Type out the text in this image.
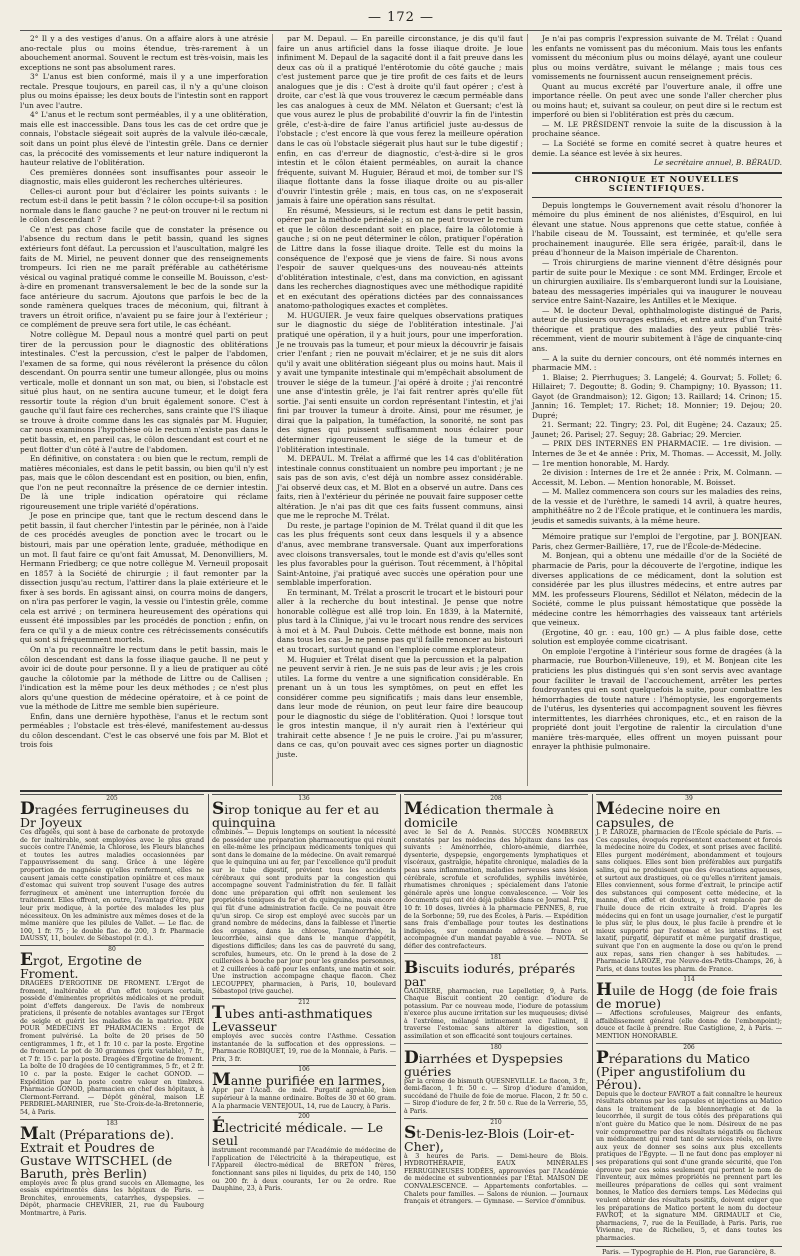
— 172 —

2° Il y a des vestiges d'anus. On a affaire alors à une atrésie ano-rectale plus ou moins étendue, très-rarement à un abouchement anormal. Souvent le rectum est très-voisin, mais les exceptions ne sont pas absolument rares.

3° L'anus est bien conformé, mais il y a une imperforation rectale. Presque toujours, en pareil cas, il n'y a qu'une cloison plus ou moins épaisse; les deux bouts de l'intestin sont en rapport l'un avec l'autre.

4° L'anus et le rectum sont perméables, il y a une oblitération, mais elle est inaccessible. Dans tous les cas de cet ordre que je connais, l'obstacle siégeait soit auprès de la valvule iléo-cæcale, soit dans un point plus élevé de l'intestin grêle. Dans ce dernier cas, la précocité des vomissements et leur nature indiqueront la hauteur relative de l'oblitération.

Ces premières données sont insuffisantes pour asseoir le diagnostic, mais elles guideront les recherches ultérieures.

Celles-ci auront pour but d'éclairer les points suivants : le rectum est-il dans le petit bassin ? le côlon occupe-t-il sa position normale dans le flanc gauche ? ne peut-on trouver ni le rectum ni le côlon descendant ?

Ce n'est pas chose facile que de constater la présence ou l'absence du rectum dans le petit bassin, quand les signes extérieurs font défaut. La percussion et l'auscultation, malgré les faits de M. Miriel, ne peuvent donner que des renseignements trompeurs. Ici rien ne me paraît préférable au cathétérisme vésical ou vaginal pratiqué comme le conseille M. Bouisson, c'est-à-dire en promenant transversalement le bec de la sonde sur la face antérieure du sacrum. Ajoutons que parfois le bec de la sonde ramènera quelques traces de méconium, qui, filtrant à travers un étroit orifice, n'avaient pu se faire jour à l'extérieur ; ce complément de preuve sera fort utile, le cas échéant.

Notre collègue M. Depaul nous a montré quel parti on peut tirer de la percussion pour le diagnostic des oblitérations intestinales. C'est la percussion, c'est le palper de l'abdomen, l'examen de sa forme, qui nous révéleront la présence du côlon descendant. On pourra sentir une tumeur allongée, plus ou moins verticale, molle et donnant un son mat, ou bien, si l'obstacle est situé plus haut, on ne sentira aucune tumeur, et le doigt fera ressortir toute la région d'un bruit également sonore. C'est à gauche qu'il faut faire ces recherches, sans crainte que l'S iliaque se trouve à droite comme dans les cas signalés par M. Huguier, car nous examinons l'hypothèse où le rectum n'existe pas dans le petit bassin, et, en pareil cas, le côlon descendant est court et ne peut flotter d'un côté à l'autre de l'abdomen.

En définitive, on constatera : ou bien que le rectum, rempli de matières méconiales, est dans le petit bassin, ou bien qu'il n'y est pas, mais que le côlon descendant est en position, ou bien, enfin, que l'on ne peut reconnaître la présence de ce dernier intestin. De là une triple indication opératoire qui réclame rigoureusement une triple variété d'opérations.

Je pose en principe que, tant que le rectum descend dans le petit bassin, il faut chercher l'intestin par le périnée, non à l'aide de ces procédés aveugles de ponction avec le trocart ou le bistouri, mais par une opération lente, graduée, méthodique en un mot. Il faut faire ce qu'ont fait Amussat, M. Denonvilliers, M. Hermann Friedberg; ce que notre collègue M. Verneuil proposait en 1857 à la Société de chirurgie ; il faut remonter par la dissection jusqu'au rectum, l'attirer dans la plaie extérieure et le fixer à ses bords. En agissant ainsi, on courra moins de dangers, on n'ira pas perforer le vagin, la vessie ou l'intestin grêle, comme cela est arrivé ; on terminera heureusement des opérations qui eussent été impossibles par les procédés de ponction ; enfin, on fera ce qu'il y a de mieux contre ces rétrécissements consécutifs qui sont si fréquemment mortels.

On n'a pu reconnaître le rectum dans le petit bassin, mais le côlon descendant est dans la fosse iliaque gauche. Il ne peut y avoir ici de doute pour personne. Il y a lieu de pratiquer au côté gauche la côlotomie par la méthode de Littre ou de Callisen ; l'indication est la même pour les deux méthodes ; ce n'est plus alors qu'une question de médecine opératoire, et à ce point de vue la méthode de Littre me semble bien supérieure.

Enfin, dans une dernière hypothèse, l'anus et le rectum sont perméables ; l'obstacle est très-élevé, manifestement au-dessus du côlon descendant. C'est le cas observé une fois par M. Blot et trois fois

par M. Depaul. — En pareille circonstance, je dis qu'il faut faire un anus artificiel dans la fosse iliaque droite. Je loue infiniment M. Depaul de la sagacité dont il a fait preuve dans les deux cas où il a pratiqué l'entérotomie du côté gauche ; mais c'est justement parce que je tire profit de ces faits et de leurs analogues que je dis : C'est à droite qu'il faut opérer ; c'est à droite, car c'est là que vous trouverez le cæcum perméable dans les cas analogues à ceux de MM. Nélaton et Guersant; c'est là que vous aurez le plus de probabilité d'ouvrir la fin de l'intestin grêle, c'est-à-dire de faire l'anus artificiel juste au-dessus de l'obstacle ; c'est encore là que vous ferez la meilleure opération dans le cas où l'obstacle siégerait plus haut sur le tube digestif ; enfin, en cas d'erreur de diagnostic, c'est-à-dire si le gros intestin et le côlon étaient perméables, on aurait la chance fréquente, suivant M. Huguier, Béraud et moi, de tomber sur l'S iliaque flottante dans la fosse iliaque droite ou au pis-aller d'ouvrir l'intestin grêle ; mais, en tous cas, on ne s'exposerait jamais à faire une opération sans résultat.

En résumé, Messieurs, si le rectum est dans le petit bassin, opérer par la méthode périnéale ; si on ne peut trouver le rectum et que le côlon descendant soit en place, faire la côlotomie à gauche ; si on ne peut déterminer le côlon, pratiquer l'opération de Littre dans la fosse iliaque droite. Telle est du moins la conséquence de l'exposé que je viens de faire. Si nous avons l'espoir de sauver quelques-uns des nouveau-nés atteints d'oblitération intestinale, c'est, dans ma conviction, en agissant dans les recherches diagnostiques avec une méthodique rapidité et en exécutant des opérations dictées par des connaissances anatomo-pathologiques exactes et complètes.

M. HUGUIER. Je veux faire quelques observations pratiques sur le diagnostic du siége de l'oblitération intestinale. J'ai pratiqué une opération, il y a huit jours, pour une imperforation. Je ne trouvais pas la tumeur, et pour mieux la découvrir je faisais crier l'enfant ; rien ne pouvait m'éclairer, et je ne suis dit alors qu'il y avait une oblitération siégeant plus ou moins haut. Mais il y avait une tympanite intestinale qui m'empêchait absolument de trouver le siége de la tumeur. J'ai opéré à droite ; j'ai rencontré une anse d'intestin grêle, je l'ai fait rentrer après qu'elle fût sortie. J'ai senti ensuite un cordon représentant l'intestin, et j'ai fini par trouver la tumeur à droite. Ainsi, pour me résumer, je dirai que la palpation, la tuméfaction, la sonorité, ne sont pas des signes qui puissent suffisamment nous éclairer pour déterminer rigoureusement le siége de la tumeur et de l'oblitération intestinale.

M. DEPAUL. M. Trélat a affirmé que les 14 cas d'oblitération intestinale connus constituaient un nombre peu important ; je ne sais pas de son avis, c'est déjà un nombre assez considérable. J'ai observé deux cas, et M. Blot en a observé un autre. Dans ces faits, rien à l'extérieur du périnée ne pouvait faire supposer cette altération. Je n'ai pas dit que ces faits fussent communs, ainsi que me le reproche M. Trélat.

Du reste, je partage l'opinion de M. Trélat quand il dit que les cas les plus fréquents sont ceux dans lesquels il y a absence d'anus, avec membrane transversale. Quant aux imperforations avec cloisons transversales, tout le monde est d'avis qu'elles sont les plus favorables pour la guérison. Tout récemment, à l'hôpital Saint-Antoine, j'ai pratiqué avec succès une opération pour une semblable imperforation.

En terminant, M. Trélat a proscrit le trocart et le bistouri pour aller à la recherche du bout intestinal. Je pense que notre honorable collègue est allé trop loin. En 1839, à la Maternité, plus tard à la Clinique, j'ai vu le trocart nous rendre des services à moi et à M. Paul Dubois. Cette méthode est bonne, mais non dans tous les cas. Je ne pense pas qu'il faille renoncer au bistouri et au trocart, surtout quand on l'emploie comme explorateur.

M. Huguier et Trélat disent que la percussion et la palpation ne peuvent servir à rien. Je ne suis pas de leur avis ; je les crois utiles. La forme du ventre a une signification considérable. En prenant un à un tous les symptômes, on peut en effet les considérer comme peu significatifs ; mais dans leur ensemble, dans leur mode de réunion, on peut leur faire dire beaucoup pour le diagnostic du siége de l'oblitération. Quoi ! lorsque tout le gros intestin manque, il n'y aurait rien à l'extérieur qui trahirait cette absence ! Je ne puis le croire. J'ai pu m'assurer, dans ce cas, qu'on pouvait avec ces signes porter un diagnostic juste.

Je n'ai pas compris l'expression suivante de M. Trélat : Quand les enfants ne vomissent pas du méconium. Mais tous les enfants vomissent du méconium plus ou moins délayé, ayant une couleur plus ou moins verdâtre, suivant le mélange ; mais tous ces vomissements ne fournissent aucun renseignement précis.

Quant au mucus excrété par l'ouverture anale, il offre une importance réelle. On peut avec une sonde l'aller chercher plus ou moins haut; et, suivant sa couleur, on peut dire si le rectum est imperforé ou bien si l'oblitération est près du cæcum.

— M. LE PRÉSIDENT renvoie la suite de la discussion à la prochaine séance.

— La Société se forme en comité secret à quatre heures et demie. La séance est levée à six heures.

Le secrétaire annuel, B. BÉRAUD.

CHRONIQUE ET NOUVELLES SCIENTIFIQUES.

Depuis longtemps le Gouvernement avait résolu d'honorer la mémoire du plus éminent de nos aliénistes, d'Esquirol, en lui élevant une statue. Nous apprenons que cette statue, confiée à l'habile ciseau de M. Toussaint, est terminée, et qu'elle sera prochainement inaugurée. Elle sera érigée, paraît-il, dans le préau d'honneur de la Maison impériale de Charenton.

— Trois chirurgiens de marine viennent d'être désignés pour partir de suite pour le Mexique : ce sont MM. Erdinger, Ercole et un chirurgien auxiliaire. Ils s'embarqueront lundi sur la Louisiane, bateau des messageries impériales qui va inaugurer le nouveau service entre Saint-Nazaire, les Antilles et le Mexique.

— M. le docteur Deval, ophthalmologiste distingué de Paris, auteur de plusieurs ouvrages estimés, et entre autres d'un Traité théorique et pratique des maladies des yeux publié très-récemment, vient de mourir subitement à l'âge de cinquante-cinq ans.

— A la suite du dernier concours, ont été nommés internes en pharmacie MM. :

1. Blaise; 2. Pierrhugues; 3. Langelé; 4. Gourvat; 5. Follet; 6. Hillairet; 7. Degoutte; 8. Godin; 9. Champigny; 10. Byasson; 11. Gayot (de Grandmaison); 12. Gigon; 13. Raillard; 14. Crinon; 15. Jannin; 16. Templet; 17. Richet; 18. Monnier; 19. Dejou; 20. Dupré;

21. Sermant; 22. Tingry; 23. Pol, dit Eugène; 24. Cazaux; 25. Jaunet; 26. Parisel; 27. Seguy; 28. Gabriac; 29. Mercier.

— PRIX DES INTERNES EN PHARMACIE. — 1re division. — Internes de 3e et 4e année : Prix, M. Thomas. — Accessit, M. Jolly. — 1re mention honorable, M. Hardy.

2e division : Internes de 1re et 2e année : Prix, M. Colmann. — Accessit, M. Lebon. — Mention honorable, M. Boisset.

— M. Mallez commencera son cours sur les maladies des reins, de la vessie et de l'urèthre, le samedi 14 avril, à quatre heures, amphithéâtre no 2 de l'École pratique, et le continuera les mardis, jeudis et samedis suivants, à la même heure.

Mémoire pratique sur l'emploi de l'ergotine, par J. BONJEAN. Paris, chez Germer-Baillière, 17, rue de l'École-de-Médecine.

M. Bonjean, qui a obtenu une médaille d'or de la Société de pharmacie de Paris, pour la découverte de l'ergotine, indique les diverses applications de ce médicament, dont la solution est considérée par les plus illustres médecins, et entre autres par MM. les professeurs Flourens, Sédillot et Nélaton, médecin de la Société, comme le plus puissant hémostatique que possède la médecine contre les hémorrhagies des vaisseaux tant artériels que veineux.

(Ergotine, 40 gr. : eau, 100 gr.) — A plus faible dose, cette solution est employée comme cicatrisant.

On emploie l'ergotine à l'intérieur sous forme de dragées (à la pharmacie, rue Bourbon-Villeneuve, 19), et M. Bonjean cite les praticiens les plus distingués qui s'en sont servis avec avantage pour faciliter le travail de l'accouchement, arrêter les pertes foudroyantes qui en sont quelquefois la suite, pour combattre les hémorrhagies de toute nature : l'hémoptysie, les engorgements de l'utérus, les dysenteries qui accompagnent souvent les fièvres intermittentes, les diarrhées chroniques, etc., et en raison de la propriété dont jouit l'ergotine de ralentir la circulation d'une manière très-marquée, elles offrent un moyen puissant pour enrayer la phthisie pulmonaire.

205
Dragées ferrugineuses du Dr Joyeux

Ces dragées, qui sont à base de carbonate de protoxyde de fer inaltérable, sont employées avec le plus grand succès contre l'Anémie, la Chlorose, les Fleurs blanches et toutes les autres maladies occasionnées par l'appauvrissement du sang. Grâce à une légère proportion de magnésie qu'elles renferment, elles ne causent jamais cette constipation opiniâtre et ces maux d'estomac qui suivent trop souvent l'usage des autres ferrugineux et amènent une interruption forcée du traitement. Elles offrent, en outre, l'avantage d'être, par leur prix modique, à la portée des malades les plus nécessiteux. On les administre aux mêmes doses et de la même manière que les pilules de Vallet. — Le flac. de 100, 1 fr. 75 ; le double flac. de 200, 3 fr. Pharmacie DAUSSY, 11, boulev. de Sébastopol (r. d.).

80
Ergot, Ergotine de Froment.

DRAGÉES D'ERGOTINE DE FROMENT. L'Ergot de froment, inaltérable et d'un effet toujours certain, possède d'éminentes propriétés médicales et ne produit point d'effets dangereux. De l'avis de nombreux praticiens, il présente de notables avantages sur l'Ergot de seigle et guérit les maladies de la matrice. PRIX POUR MÉDECINS ET PHARMACIENS : Ergot de froment pulvérisé. La boîte de 20 prises de 50 centigrammes, 1 fr., et 1 fr. 10 c. par la poste. Ergotine de froment. Le pot de 30 grammes (prix variable), 7 fr., et 7 fr. 15 c. par la poste. Dragées d'Ergotine de froment. La boîte de 10 dragées de 10 centigrammes, 5 fr., et 2 fr. 10 c. par la poste. Exiger le cachet GONOD. — Expédition par la poste contre valeur en timbres. Pharmacie GONOD, pharmacien en chef des hôpitaux, à Clermont-Ferrand. — Dépôt général, maison LE PERDRIEL-MARINIER, rue Ste-Croix-de-la-Bretonnerie, 54, à Paris.

183
Malt (Préparations de). Extrait et Poudres de Gustave WITSCHEL (de Baruth, près Berlin)

employés avec le plus grand succès en Allemagne, les essais expérimentés dans les hôpitaux de Paris. — Bronchites, enrouements, catarrhes, dyspepsies. — Dépôt, pharmacie CHEVRIER, 21, rue du Faubourg Montmartre, à Paris.

136
Sirop tonique au fer et au quinquina

combinés. — Depuis longtemps on soutient la nécessité de posséder une préparation pharmaceutique qui réunit en elle-même les principaux médicaments toniques qui sont dans le domaine de la médecine. On avait remarqué que le quinquina uni au fer, par l'excellence qu'il produit sur le tube digestif, prévient tous les accidents cérébraux qui sont produits par la congestion qui accompagne souvent l'administration du fer. Il fallait donc une préparation qui offrît non seulement les propriétés toniques du fer et du quinquina, mais encore qui fût d'une administration facile. Ce ne pouvait être qu'un sirop. Ce sirop est employé avec succès par un grand nombre de médecins, dans la faiblesse et l'inertie des organes, dans la chlorose, l'aménorrhée, la leucorrhée, ainsi que dans le manque d'appétit, digestions difficiles; dans les cas de pauvreté du sang, scrofules, humeurs, etc. On le prend à la dose de 2 cuillerées à bouche par jour pour les grandes personnes, et 2 cuillerées à café pour les enfants, une matin et soir. Une instruction accompagne chaque flacon. Chez LECOUPPEY, pharmacien, à Paris, 10, boulevard Sébastopol (rive gauche).

212
Tubes anti-asthmatiques Levasseur

employés avec succès contre l'Asthme. Cessation instantanée de la suffocation et des oppressions. — Pharmacie ROBIQUET, 19, rue de la Monnaie, à Paris. — Prix, 3 fr.

106
Manne purifiée en larmes,

Appr par l'Acad. de méd. Purgatif agréable, bien supérieur à la manne ordinaire. Boîtes de 30 et 60 gram. A la pharmacie VENTEJOUL, 14, rue de Laucry, à Paris.

200
Électricité médicale. — Le seul

instrument recommandé par l'Académie de médecine de l'application de l'électricité à la thérapeutique, est l'Appareil électro-médical de BRETON frères, fonctionnant sans piles ni liquides, du prix de 140, 150 ou 200 fr. à deux courants, 1er ou 2e ordre. Rue Dauphine, 23, à Paris.

208
Médication thermale à domicile

avec le Sel de A. Pennès. SUCCÈS NOMBREUX constatés par les médecins des hôpitaux dans les cas suivants : Aménorrhée, chloro-anémie, diarrhée, dysenterie, dyspepsie, engorgements lymphatiques et viscéraux, gastralgie, hépatite chronique, maladies de la peau sans inflammation, maladies nerveuses sans lésion cérébrale, scrofule et scrofulides, syphilis invétérée, rhumatismes chroniques ; spécialement dans l'atonie générale après une longue convalescence. — Voir les documents qui ont été déjà publiés dans ce Journal. Prix, 10 fr. 10 doses, livrées à la pharmacie PENNES, 8, rue de la Sorbonne; 59, rue des Écoles, à Paris. — Expédition sans frais d'emballage pour toutes les destinations indiquées, sur commande adressée franco et accompagnée d'un mandat payable à vue. — NOTA. Se défier des contrefacteurs.

181
Biscuits iodurés, préparés par

GAGNIERE, pharmacien, rue Lepelletier, 9, à Paris. Chaque Biscuit contient 20 centigr. d'iodure de potassium. Par ce nouveau mode, l'iodure de potassium n'exerce plus aucune irritation sur les muqueuses; divisé à l'extrême, mélangé intimement avec l'aliment, il traverse l'estomac sans altérer la digestion, son assimilation et son efficacité sont toujours certaines.

180
Diarrhées et Dyspepsies guéries

par la crème de bismuth QUESNEVILLE. Le flacon, 3 fr., demi-flacon, 1 fr. 50 c. — Sirop d'iodure d'amidon, succédané de l'huile de foie de morue. Flacon, 2 fr. 50 c. — Sirop d'iodure de fer, 2 fr. 50 c. Rue de la Verrerie, 55, à Paris.

210
St-Denis-lez-Blois (Loir-et-Cher),

à 3 heures de Paris. — Demi-heure de Blois. HYDROTHÉRAPIE, EAUX MINÉRALES FERRUGINEUSES IODÉES, approuvées par l'Académie de médecine et subventionnées par l'État. MAISON DE CONVALESCENCE. — Appartements confortables. — Chalets pour familles. — Salons de réunion. — Journaux français et étrangers. — Gymnase. — Service d'omnibus.

39
Médecine noire en capsules, de

J. P. LAROZE, pharmacien de l'École spéciale de Paris. — Ces capsules, évoqués représentent exactement et forcés la médecine noire du Codex, et sont prises avec facilité. Elles purgent modérément, abondamment et toujours sans coliques. Elles sont bien préférables aux purgatifs salins, qui ne produisent que des évacuations aqueuses, et surtout aux drastiques, où ce qu'elles n'irritent jamais. Elles conviennent, sous forme d'extrait, le principe actif des substances qui composent cette médecine, et la manne, d'en effet et douteux, y est remplacée par de l'huile douce de ricin extraite à froid. D'après les médecins qui en font un usage journalier, c'est le purgatif le plus sûr, le plus doux, le plus facile à prendre et le mieux supporté par l'estomac et les intestins. Il est laxatif, purgatif, dépuratif et même purgatif drastique, suivant que l'on en augmente la dose ou qu'on le prend aux repas, sans rien changer à ses habitudes. — Pharmacie LAROZE, rue Neuve-des-Petits-Champs, 26, à Paris, et dans toutes les pharm. de France.

114
Huile de Hogg (de foie frais de morue)

— Affections scrofuleuses, Maigreur des enfants, affaiblissement général (elle donne de l'embonpoint); douce et facile à prendre. Rue Castiglione, 2, à Paris. — MENTION HONORABLE.

206
Préparations du Matico (Piper angustifolium du Pérou).

Depuis que le docteur FAVROT a fait connaître le heureux résultats obtenus par les capsules et injections au Matico dans le traitement de la blennorrhagie et de la leucorrhée, il surgit de tous côtés des préparations qui n'ont guère du Matico que le nom. Désireux de ne pas voir compromettre par des résultats négatifs ou fâcheux un médicament qui rend tant de services réels, on livre aux yeux de donner ses soins aux plus excellents pratiques de l'Égypte. — Il ne faut donc pas employer ni ses préparations qui sont d'une grande sécurité, que l'on éprouve par ces soins seulement qui portent le nom de l'inventeur, aux mêmes propriétés ne prennent part les meilleures préparations de celles qui sont vraiment bonnes, le Matico des derniers temps. Les Médecins qui veulent obtenir des résultats positifs, doivent exiger que les préparations de Matico portent le nom du docteur FAVROT, et la signature MM. GRIMAULT et Cie, pharmaciens, 7, rue de la Feuillade, à Paris. Paris, rue Vivienne, rue de Richelieu, 5, et dans toutes les pharmacies.

Paris. — Typographie de H. Plon, rue Garancière, 8.
